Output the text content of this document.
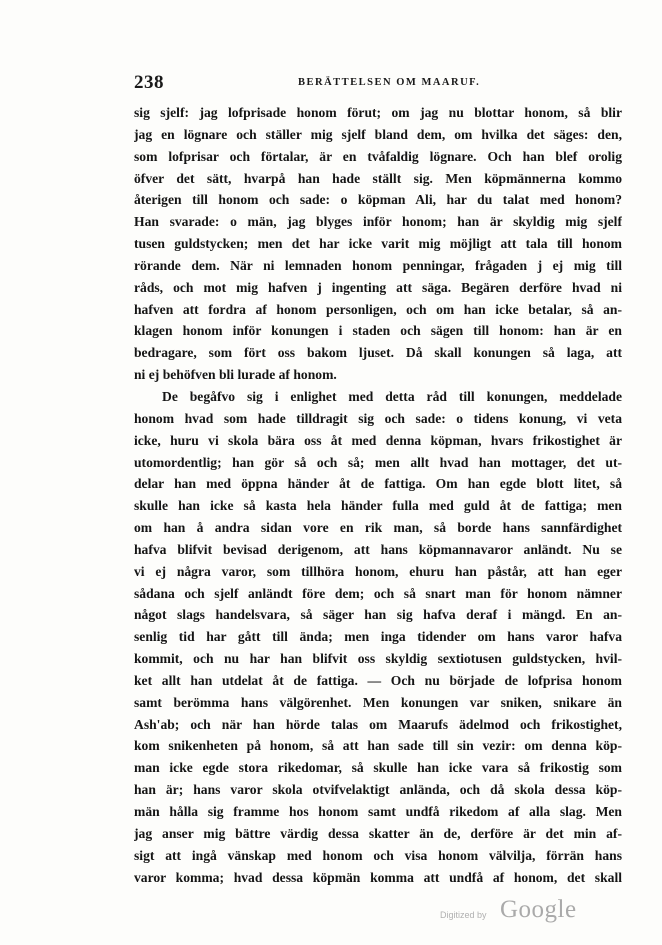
238	BERÄTTELSEN OM MAARUF.
sig sjelf: jag lofprisade honom förut; om jag nu blottar honom, så blir
jag en lögnare och ställer mig sjelf bland dem, om hvilka det säges: den,
som lofprisar och förtalar, är en tvåfaldig lögnare. Och han blef orolig
öfver det sätt, hvarpå han hade ställt sig. Men köpmännerna kommo
återigen till honom och sade: o köpman Ali, har du talat med honom?
Han svarade: o män, jag blyges inför honom; han är skyldig mig sjelf
tusen guldstycken; men det har icke varit mig möjligt att tala till honom
rörande dem. När ni lemnaden honom penningar, frågaden j ej mig till
råds, och mot mig hafven j ingenting att säga. Begären derföre hvad ni
hafven att fordra af honom personligen, och om han icke betalar, så an-
klagen honom inför konungen i staden och sägen till honom: han är en
bedragare, som fört oss bakom ljuset. Då skall konungen så laga, att
ni ej behöfven bli lurade af honom.
De begåfvo sig i enlighet med detta råd till konungen, meddelade
honom hvad som hade tilldragit sig och sade: o tidens konung, vi veta
icke, huru vi skola bära oss åt med denna köpman, hvars frikostighet är
utomordentlig; han gör så och så; men allt hvad han mottager, det ut-
delar han med öppna händer åt de fattiga. Om han egde blott litet, så
skulle han icke så kasta hela händer fulla med guld åt de fattiga; men
om han å andra sidan vore en rik man, så borde hans sannfärdighet
hafva blifvit bevisad derigenom, att hans köpmannavaror anländt. Nu se
vi ej några varor, som tillhöra honom, ehuru han påstår, att han eger
sådana och sjelf anländt före dem; och så snart man för honom nämner
något slags handelsvara, så säger han sig hafva deraf i mängd. En an-
senlig tid har gått till ända; men inga tidender om hans varor hafva
kommit, och nu har han blifvit oss skyldig sextiotusen guldstycken, hvil-
ket allt han utdelat åt de fattiga. — Och nu började de lofprisa honom
samt berömma hans välgörenhet. Men konungen var sniken, snikare än
Ash'ab; och när han hörde talas om Maarufs ädelmod och frikostighet,
kom snikenheten på honom, så att han sade till sin vezir: om denna köp-
man icke egde stora rikedomar, så skulle han icke vara så frikostig som
han är; hans varor skola otvifvelaktigt anlända, och då skola dessa köp-
män hålla sig framme hos honom samt undfå rikedom af alla slag. Men
jag anser mig bättre värdig dessa skatter än de, derföre är det min af-
sigt att ingå vänskap med honom och visa honom välvilja, förrän hans
varor komma; hvad dessa köpmän komma att undfå af honom, det skall
Digitized by Google
